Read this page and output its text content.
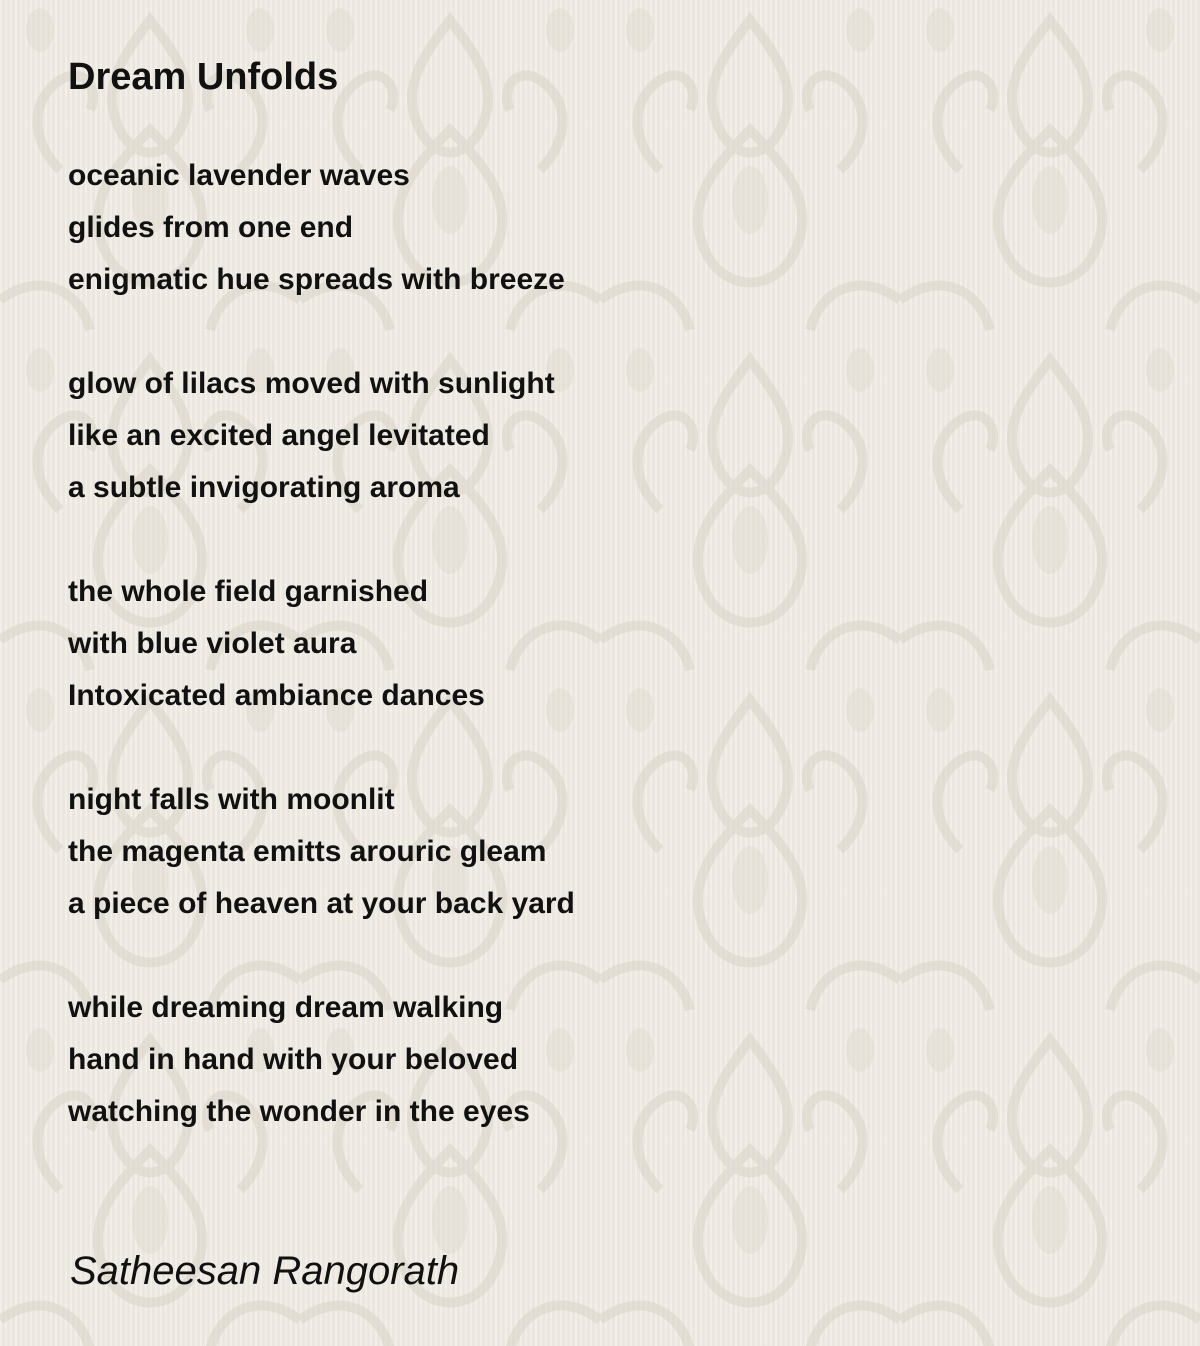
Dream Unfolds
oceanic lavender waves
glides from one end
enigmatic hue spreads with breeze
glow of lilacs moved with sunlight
like an excited angel levitated
a subtle invigorating aroma
the whole field garnished
with blue violet aura
Intoxicated ambiance dances
night falls with moonlit
the magenta emitts arouric gleam
a piece of heaven at your back yard
while dreaming dream walking
hand in hand with your beloved
watching the wonder in the eyes
Satheesan Rangorath
